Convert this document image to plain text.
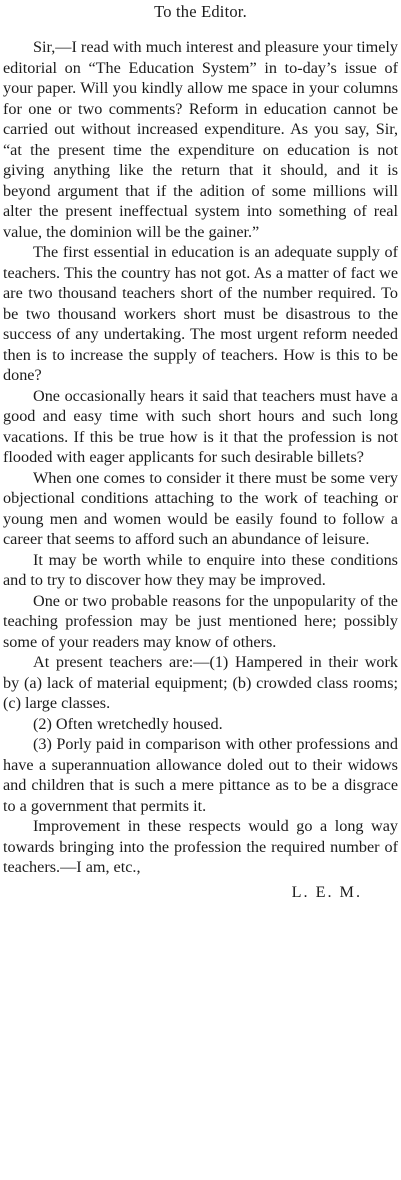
To the Editor.

Sir,—I read with much interest and pleasure your timely editorial on “The Education System” in to-day’s issue of your paper. Will you kindly allow me space in your columns for one or two comments? Reform in education cannot be carried out without increased expenditure. As you say, Sir, “at the present time the expenditure on education is not giving anything like the return that it should, and it is beyond argument that if the adition of some millions will alter the present ineffectual system into something of real value, the dominion will be the gainer.”

The first essential in education is an adequate supply of teachers. This the country has not got. As a matter of fact we are two thousand teachers short of the number required. To be two thousand workers short must be disastrous to the success of any undertaking. The most urgent reform needed then is to increase the supply of teachers. How is this to be done?

One occasionally hears it said that teachers must have a good and easy time with such short hours and such long vacations. If this be true how is it that the profession is not flooded with eager applicants for such desirable billets?

When one comes to consider it there must be some very objectional conditions attaching to the work of teaching or young men and women would be easily found to follow a career that seems to afford such an abundance of leisure.

It may be worth while to enquire into these conditions and to try to discover how they may be improved.

One or two probable reasons for the unpopularity of the teaching profession may be just mentioned here; possibly some of your readers may know of others.

At present teachers are:—(1) Hampered in their work by (a) lack of material equipment; (b) crowded class rooms; (c) large classes.

(2) Often wretchedly housed.

(3) Porly paid in comparison with other professions and have a superannuation allowance doled out to their widows and children that is such a mere pittance as to be a disgrace to a government that permits it.

Improvement in these respects would go a long way towards bringing into the profession the required number of teachers.—I am, etc.,

L. E. M.
